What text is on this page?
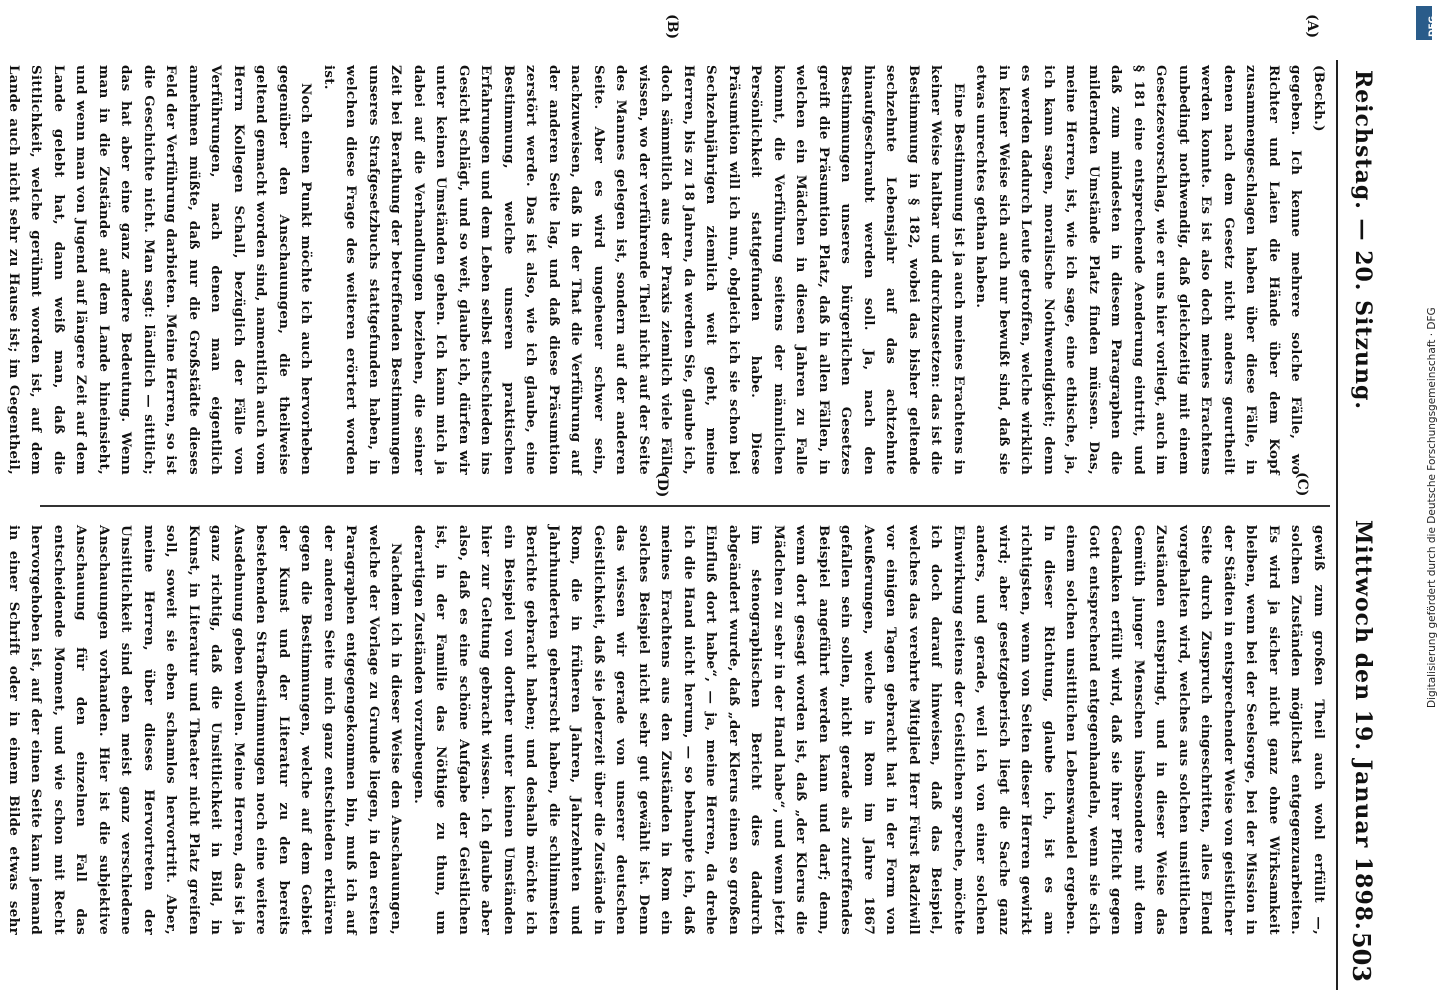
Reichstag. — 20. Sitzung.
Mittwoch den 19. Januar 1898.
503
(A)
(B)
(C)
(D)

(Beckh.)

gegeben. Ich kenne mehrere solche Fälle, wo Richter und Laien die Hände über dem Kopf zusammengeschlagen haben über diese Fälle, in denen nach dem Gesetz nicht anders geurtheilt werden konnte. Es ist also doch meines Erachtens unbedingt nothwendig, daß gleichzeitig mit einem Gesetzesvorschlag, wie er uns hier vorliegt, auch im § 181 eine entsprechende Aenderung eintritt, und daß zum mindesten in diesem Paragraphen die mildernden Umstände Platz finden müssen. Das, meine Herren, ist, wie ich sage, eine ethische, ja, ich kann sagen, moralische Nothwendigkeit; denn es werden dadurch Leute getroffen, welche wirklich in keiner Weise sich auch nur bewußt sind, daß sie etwas unrechtes gethan haben.

Eine Bestimmung ist ja auch meines Erachtens in keiner Weise haltbar und durchzusetzen: das ist die Bestimmung in § 182, wobei das bisher geltende sechzehnte Lebensjahr auf das achtzehnte hinaufgeschraubt werden soll. Ja, nach den Bestimmungen unseres bürgerlichen Gesetzes greift die Präsumtion Platz, daß in allen Fällen, in welchen ein Mädchen in diesen Jahren zu Falle kommt, die Verführung seitens der männlichen Persönlichkeit stattgefunden habe. Diese Präsumtion will ich nun, obgleich ich sie schon bei Sechzehnjährigen ziemlich weit geht, meine Herren, bis zu 18 Jahren, da werden Sie, glaube ich, doch sämmtlich aus der Praxis ziemlich viele Fälle wissen, wo der verführende Theil nicht auf der Seite des Mannes gelegen ist, sondern auf der anderen Seite. Aber es wird ungeheuer schwer sein, nachzuweisen, daß in der That die Verführung auf der anderen Seite lag, und daß diese Präsumtion zerstört werde. Das ist also, wie ich glaube, eine Bestimmung, welche unseren praktischen Erfahrungen und dem Leben selbst entschieden ins Gesicht schlägt, und so weit, glaube ich, dürfen wir unter keinen Umständen gehen. Ich kann mich ja dabei auf die Verhandlungen beziehen, die seiner Zeit bei Berathung der betreffenden Bestimmungen unseres Strafgesetzbuchs stattgefunden haben, in welchen diese Frage des weiteren erörtert worden ist.

Noch einen Punkt möchte ich auch hervorheben gegenüber den Anschauungen, die theilweise geltend gemacht worden sind, namentlich auch vom Herrn Kollegen Schall, bezüglich der Fälle von Verführungen, nach denen man eigentlich annehmen müßte, daß nur die Großstädte dieses Feld der Verführung darbieten. Meine Herren, so ist die Geschichte nicht. Man sagt: ländlich — sittlich; das hat aber eine ganz andere Bedeutung. Wenn man in die Zustände auf dem Lande hineinsieht, und wenn man von Jugend auf längere Zeit auf dem Lande gelebt hat, dann weiß man, daß die Sittlichkeit, welche gerühmt worden ist, auf dem Lande auch nicht sehr zu Hause ist; im Gegentheil,

gewiß zum großen Theil auch wohl erfüllt —, solchen Zuständen möglichst entgegenzuarbeiten. Es wird ja sicher nicht ganz ohne Wirksamkeit bleiben, wenn bei der Seelsorge, bei der Mission in der Städten in entsprechender Weise von geistlicher Seite durch Zuspruch eingeschritten, alles Elend vorgehalten wird, welches aus solchen unsittlichen Zuständen entspringt, und in dieser Weise das Gemüth junger Menschen insbesondere mit dem Gedanken erfüllt wird, daß sie ihrer Pflicht gegen Gott entsprechend entgegenhandeln, wenn sie sich einem solchen unsittlichen Lebenswandel ergeben. In dieser Richtung, glaube ich, ist es am richtigsten, wenn von Seiten dieser Herren gewirkt wird; aber gesetzgeberisch liegt die Sache ganz anders, und gerade, weil ich von einer solchen Einwirkung seitens der Geistlichen spreche, möchte ich doch darauf hinweisen, daß das Beispiel, welches das verehrte Mitglied Herr Fürst Radziwill vor einigen Tagen gebracht hat in der Form von Aeußerungen, welche in Rom im Jahre 1867 gefallen sein sollen, nicht gerade als zutreffendes Beispiel angeführt werden kann und darf; denn, wenn dort gesagt worden ist, daß „der Klerus die Mädchen zu sehr in der Hand habe“, und wenn jetzt im stenographischen Bericht dies dadurch abgeändert wurde, daß „der Klerus einen so großen Einfluß dort habe“, — ja, meine Herren, da drehe ich die Hand nicht herum, — so behaupte ich, daß meines Erachtens aus den Zuständen in Rom ein solches Beispiel nicht sehr gut gewählt ist. Denn das wissen wir gerade von unserer deutschen Geistlichkeit, daß sie jederzeit über die Zustände in Rom, die in früheren Jahren, Jahrzehnten und Jahrhunderten geherrscht haben, die schlimmsten Berichte gebracht haben; und deshalb möchte ich ein Beispiel von dorther unter keinen Umständen hier zur Geltung gebracht wissen. Ich glaube aber also, daß es eine schöne Aufgabe der Geistlichen ist, in der Familie das Nöthige zu thun, um derartigen Zuständen vorzubeugen.

Nachdem ich in dieser Weise den Anschauungen, welche der Vorlage zu Grunde liegen, in den ersten Paragraphen entgegengekommen bin, muß ich auf der anderen Seite mich ganz entschieden erklären gegen die Bestimmungen, welche auf dem Gebiet der Kunst und der Literatur zu den bereits bestehenden Strafbestimmungen noch eine weitere Ausdehnung geben wollen. Meine Herren, das ist ja ganz richtig, daß die Unsittlichkeit in Bild, in Kunst, in Literatur und Theater nicht Platz greifen soll, soweit sie eben schamlos hervortritt. Aber, meine Herren, über dieses Hervortreten der Unsittlichkeit sind eben meist ganz verschiedene Anschauungen vorhanden. Hier ist die subjektive Anschauung für den einzelnen Fall das entscheidende Moment, und wie schon mit Recht hervorgehoben ist, auf der einen Seite kann jemand in einer Schrift oder in einem Bilde etwas sehr

Digitalisierung gefördert durch die Deutsche Forschungsgemeinschaft · DFG
DFG
